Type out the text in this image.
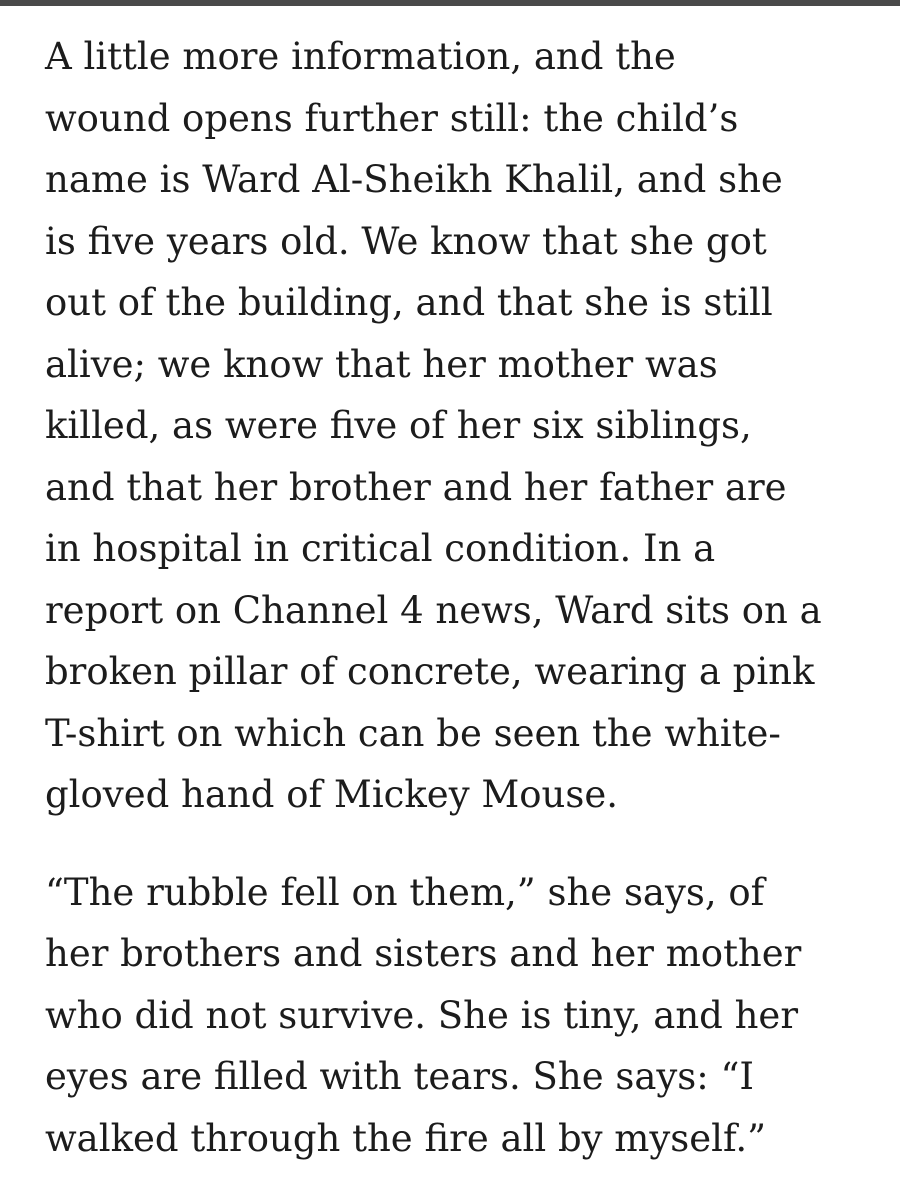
A little more information, and the
wound opens further still: the child’s
name is Ward Al-Sheikh Khalil, and she
is five years old. We know that she got
out of the building, and that she is still
alive; we know that her mother was
killed, as were five of her six siblings,
and that her brother and her father are
in hospital in critical condition. In a
report on Channel 4 news, Ward sits on a
broken pillar of concrete, wearing a pink
T-shirt on which can be seen the white-
gloved hand of Mickey Mouse.

“The rubble fell on them,” she says, of
her brothers and sisters and her mother
who did not survive. She is tiny, and her
eyes are filled with tears. She says: “I
walked through the fire all by myself.”
